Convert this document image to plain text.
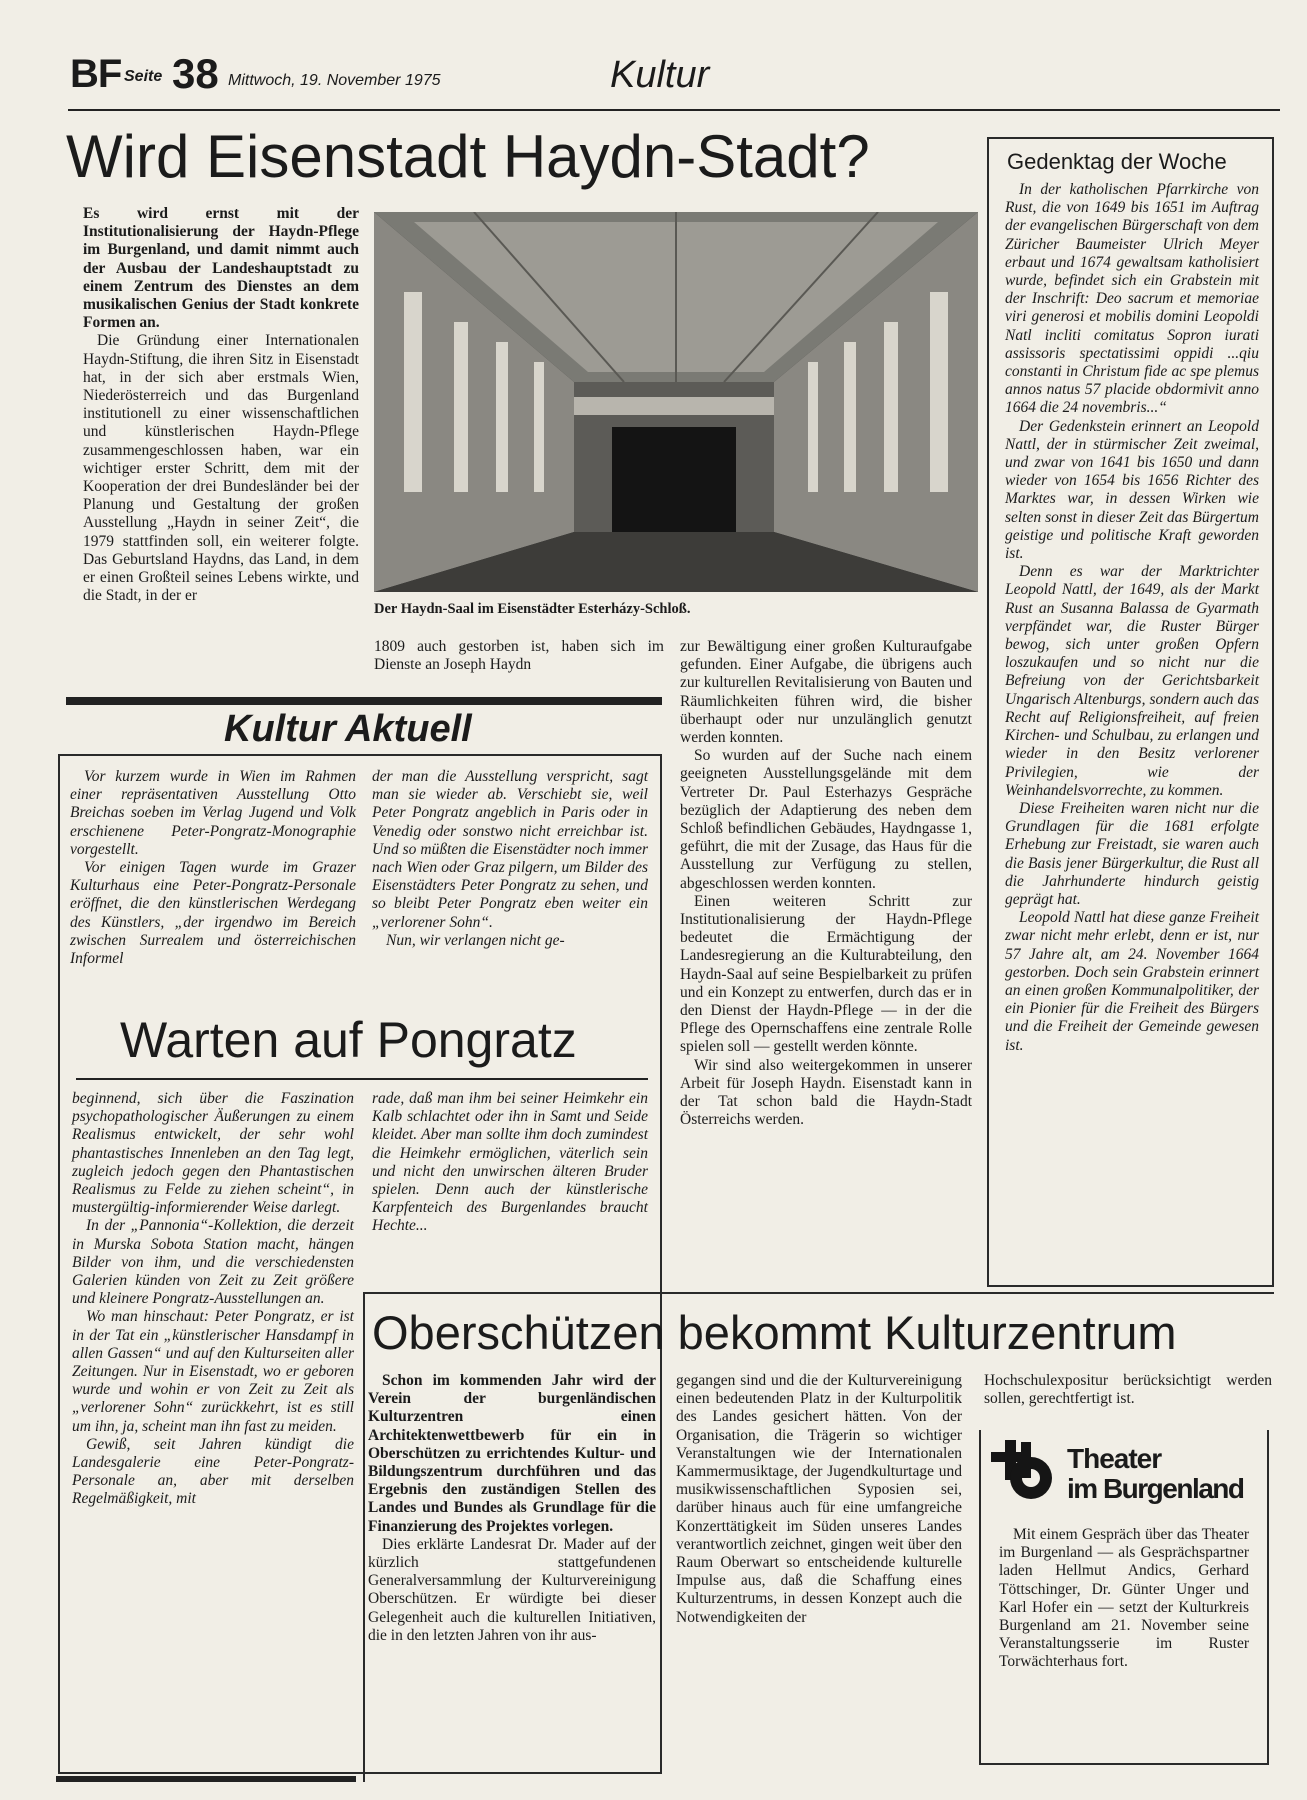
BF Seite 38 Mittwoch, 19. November 1975	Kultur
Wird Eisenstadt Haydn-Stadt?

Es wird ernst mit der Institutionalisierung der Haydn-Pflege im Burgenland, und damit nimmt auch der Ausbau der Landeshauptstadt zu einem Zentrum des Dienstes an dem musikalischen Genius der Stadt konkrete Formen an.

Die Gründung einer Internationalen Haydn-Stiftung, die ihren Sitz in Eisenstadt hat, in der sich aber erstmals Wien, Niederösterreich und das Burgenland institutionell zu einer wissenschaftlichen und künstlerischen Haydn-Pflege zusammengeschlossen haben, war ein wichtiger erster Schritt, dem mit der Kooperation der drei Bundesländer bei der Planung und Gestaltung der großen Ausstellung „Haydn in seiner Zeit“, die 1979 stattfinden soll, ein weiterer folgte. Das Geburtsland Haydns, das Land, in dem er einen Großteil seines Lebens wirkte, und die Stadt, in der er

Der Haydn-Saal im Eisenstädter Esterházy-Schloß.

1809 auch gestorben ist, haben sich im Dienste an Joseph Haydn

zur Bewältigung einer großen Kulturaufgabe gefunden. Einer Aufgabe, die übrigens auch zur kulturellen Revitalisierung von Bauten und Räumlichkeiten führen wird, die bisher überhaupt oder nur unzulänglich genutzt werden konnten.

So wurden auf der Suche nach einem geeigneten Ausstellungsgelände mit dem Vertreter Dr. Paul Esterhazys Gespräche bezüglich der Adaptierung des neben dem Schloß befindlichen Gebäudes, Haydngasse 1, geführt, die mit der Zusage, das Haus für die Ausstellung zur Verfügung zu stellen, abgeschlossen werden konnten.

Einen weiteren Schritt zur Institutionalisierung der Haydn-Pflege bedeutet die Ermächtigung der Landesregierung an die Kulturabteilung, den Haydn-Saal auf seine Bespielbarkeit zu prüfen und ein Konzept zu entwerfen, durch das er in den Dienst der Haydn-Pflege — in der die Pflege des Opernschaffens eine zentrale Rolle spielen soll — gestellt werden könnte.

Wir sind also weitergekommen in unserer Arbeit für Joseph Haydn. Eisenstadt kann in der Tat schon bald die Haydn-Stadt Österreichs werden.

Gedenktag der Woche

In der katholischen Pfarrkirche von Rust, die von 1649 bis 1651 im Auftrag der evangelischen Bürgerschaft von dem Züricher Baumeister Ulrich Meyer erbaut und 1674 gewaltsam katholisiert wurde, befindet sich ein Grabstein mit der Inschrift: Deo sacrum et memoriae viri generosi et mobilis domini Leopoldi Natl incliti comitatus Sopron iurati assissoris spectatissimi oppidi ...qiu constanti in Christum fide ac spe plemus annos natus 57 placide obdormivit anno 1664 die 24 novembris...“

Der Gedenkstein erinnert an Leopold Nattl, der in stürmischer Zeit zweimal, und zwar von 1641 bis 1650 und dann wieder von 1654 bis 1656 Richter des Marktes war, in dessen Wirken wie selten sonst in dieser Zeit das Bürgertum geistige und politische Kraft geworden ist.

Denn es war der Marktrichter Leopold Nattl, der 1649, als der Markt Rust an Susanna Balassa de Gyarmath verpfändet war, die Ruster Bürger bewog, sich unter großen Opfern loszukaufen und so nicht nur die Befreiung von der Gerichtsbarkeit Ungarisch Altenburgs, sondern auch das Recht auf Religionsfreiheit, auf freien Kirchen- und Schulbau, zu erlangen und wieder in den Besitz verlorener Privilegien, wie der Weinhandelsvorrechte, zu kommen.

Diese Freiheiten waren nicht nur die Grundlagen für die 1681 erfolgte Erhebung zur Freistadt, sie waren auch die Basis jener Bürgerkultur, die Rust all die Jahrhunderte hindurch geistig geprägt hat.

Leopold Nattl hat diese ganze Freiheit zwar nicht mehr erlebt, denn er ist, nur 57 Jahre alt, am 24. November 1664 gestorben. Doch sein Grabstein erinnert an einen großen Kommunalpolitiker, der ein Pionier für die Freiheit des Bürgers und die Freiheit der Gemeinde gewesen ist.

Kultur Aktuell

Vor kurzem wurde in Wien im Rahmen einer repräsentativen Ausstellung Otto Breichas soeben im Verlag Jugend und Volk erschienene Peter-Pongratz-Monographie vorgestellt.

Vor einigen Tagen wurde im Grazer Kulturhaus eine Peter-Pongratz-Personale eröffnet, die den künstlerischen Werdegang des Künstlers, „der irgendwo im Bereich zwischen Surrealem und österreichischen Informel

der man die Ausstellung verspricht, sagt man sie wieder ab. Verschiebt sie, weil Peter Pongratz angeblich in Paris oder in Venedig oder sonstwo nicht erreichbar ist. Und so müßten die Eisenstädter noch immer nach Wien oder Graz pilgern, um Bilder des Eisenstädters Peter Pongratz zu sehen, und so bleibt Peter Pongratz eben weiter ein „verlorener Sohn“.

Nun, wir verlangen nicht ge-

Warten auf Pongratz

beginnend, sich über die Faszination psychopathologischer Äußerungen zu einem Realismus entwickelt, der sehr wohl phantastisches Innenleben an den Tag legt, zugleich jedoch gegen den Phantastischen Realismus zu Felde zu ziehen scheint“, in mustergültig-informierender Weise darlegt.

In der „Pannonia“-Kollektion, die derzeit in Murska Sobota Station macht, hängen Bilder von ihm, und die verschiedensten Galerien künden von Zeit zu Zeit größere und kleinere Pongratz-Ausstellungen an.

Wo man hinschaut: Peter Pongratz, er ist in der Tat ein „künstlerischer Hansdampf in allen Gassen“ und auf den Kulturseiten aller Zeitungen. Nur in Eisenstadt, wo er geboren wurde und wohin er von Zeit zu Zeit als „verlorener Sohn“ zurückkehrt, ist es still um ihn, ja, scheint man ihn fast zu meiden.

Gewiß, seit Jahren kündigt die Landesgalerie eine Peter-Pongratz-Personale an, aber mit derselben Regelmäßigkeit, mit

rade, daß man ihm bei seiner Heimkehr ein Kalb schlachtet oder ihn in Samt und Seide kleidet. Aber man sollte ihm doch zumindest die Heimkehr ermöglichen, väterlich sein und nicht den unwirschen älteren Bruder spielen. Denn auch der künstlerische Karpfenteich des Burgenlandes braucht Hechte...

Oberschützen bekommt Kulturzentrum

Schon im kommenden Jahr wird der Verein der burgenländischen Kulturzentren einen Architektenwettbewerb für ein in Oberschützen zu errichtendes Kultur- und Bildungszentrum durchführen und das Ergebnis den zuständigen Stellen des Landes und Bundes als Grundlage für die Finanzierung des Projektes vorlegen.

Dies erklärte Landesrat Dr. Mader auf der kürzlich stattgefundenen Generalversammlung der Kulturvereinigung Oberschützen. Er würdigte bei dieser Gelegenheit auch die kulturellen Initiativen, die in den letzten Jahren von ihr aus-

gegangen sind und die der Kulturvereinigung einen bedeutenden Platz in der Kulturpolitik des Landes gesichert hätten. Von der Organisation, die Trägerin so wichtiger Veranstaltungen wie der Internationalen Kammermusiktage, der Jugendkulturtage und musikwissenschaftlichen Syposien sei, darüber hinaus auch für eine umfangreiche Konzerttätigkeit im Süden unseres Landes verantwortlich zeichnet, gingen weit über den Raum Oberwart so entscheidende kulturelle Impulse aus, daß die Schaffung eines Kulturzentrums, in dessen Konzept auch die Notwendigkeiten der

Hochschulexpositur berücksichtigt werden sollen, gerechtfertigt ist.

Theater
im Burgenland

Mit einem Gespräch über das Theater im Burgenland — als Gesprächspartner laden Hellmut Andics, Gerhard Töttschinger, Dr. Günter Unger und Karl Hofer ein — setzt der Kulturkreis Burgenland am 21. November seine Veranstaltungsserie im Ruster Torwächterhaus fort.
